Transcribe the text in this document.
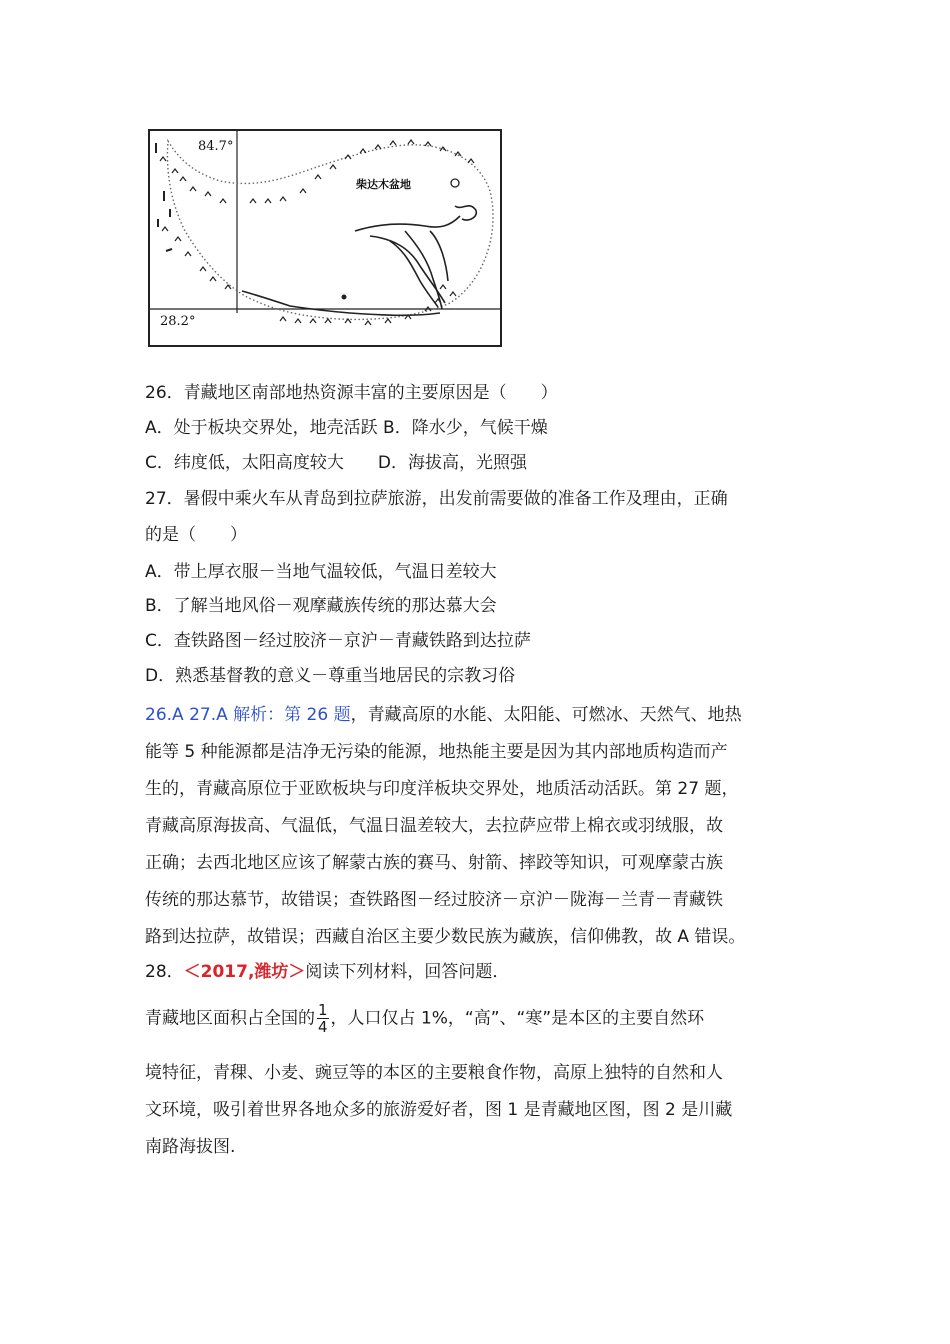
84.7°
28.2°
柴达木盆地
26．青藏地区南部地热资源丰富的主要原因是（　　）
A．处于板块交界处，地壳活跃 B．降水少，气候干燥
C．纬度低，太阳高度较大　　D．海拔高，光照强
27．暑假中乘火车从青岛到拉萨旅游，出发前需要做的准备工作及理由，正确
的是（　　）
A．带上厚衣服－当地气温较低，气温日差较大
B．了解当地风俗－观摩藏族传统的那达慕大会
C．查铁路图－经过胶济－京沪－青藏铁路到达拉萨
D．熟悉基督教的意义－尊重当地居民的宗教习俗
26.A 27.A 解析：第 26 题，青藏高原的水能、太阳能、可燃冰、天然气、地热
能等 5 种能源都是洁净无污染的能源，地热能主要是因为其内部地质构造而产
生的，青藏高原位于亚欧板块与印度洋板块交界处，地质活动活跃。第 27 题，
青藏高原海拔高、气温低，气温日温差较大，去拉萨应带上棉衣或羽绒服，故
正确；去西北地区应该了解蒙古族的赛马、射箭、摔跤等知识，可观摩蒙古族
传统的那达慕节，故错误；查铁路图－经过胶济－京沪－陇海－兰青－青藏铁
路到达拉萨，故错误；西藏自治区主要少数民族为藏族，信仰佛教，故 A 错误。
28．＜2017,潍坊＞阅读下列材料，回答问题．
青藏地区面积占全国的 $\frac{1}{4}$ ，人口仅占 1%，“高”、“寒”是本区的主要自然环
境特征，青稞、小麦、豌豆等的本区的主要粮食作物，高原上独特的自然和人
文环境，吸引着世界各地众多的旅游爱好者，图 1 是青藏地区图，图 2 是川藏
南路海拔图.
